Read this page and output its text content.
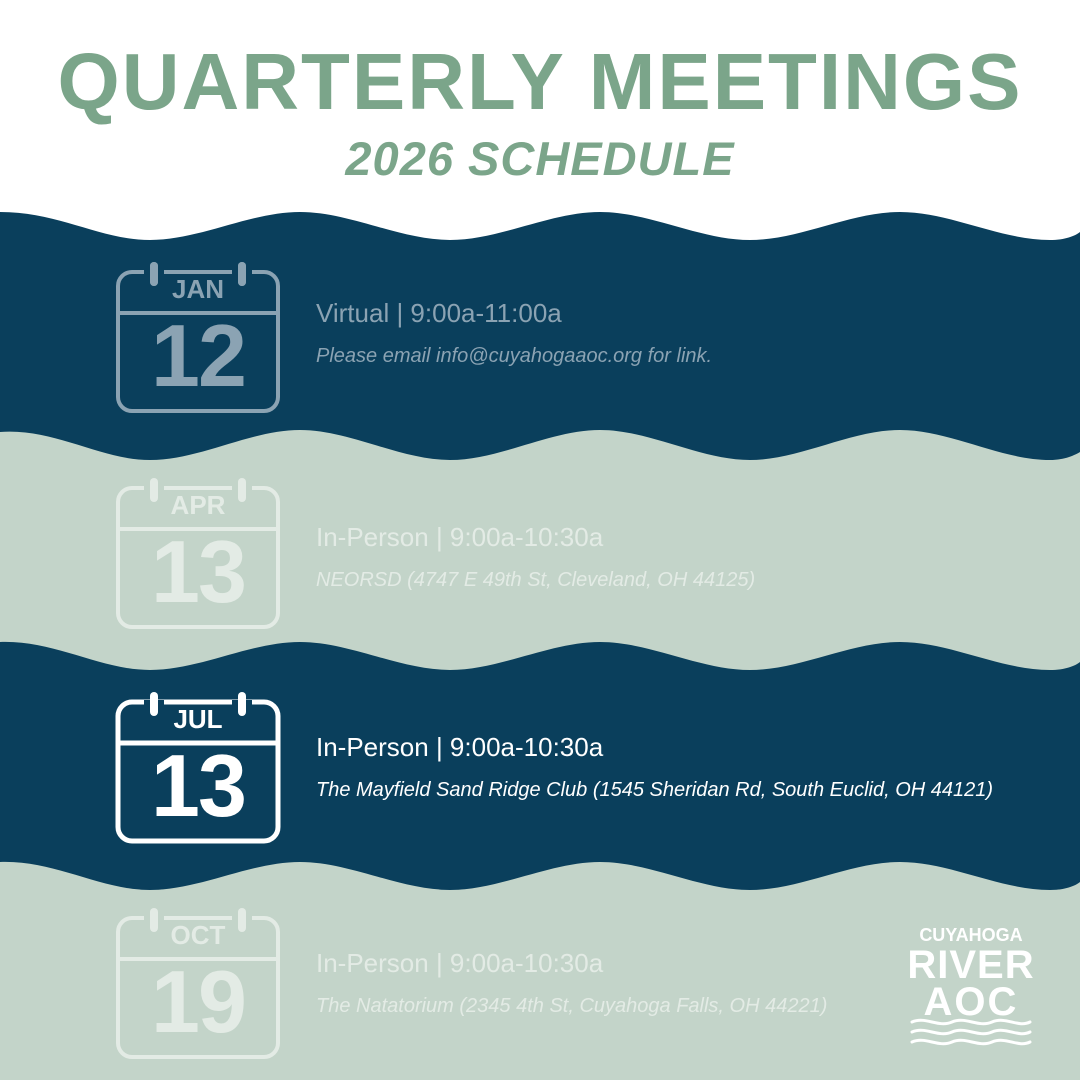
QUARTERLY MEETINGS
2026 SCHEDULE
JAN
12	Virtual | 9:00a-11:00a
Please email info@cuyahogaaoc.org for link.
APR
13	In-Person | 9:00a-10:30a
NEORSD (4747 E 49th St, Cleveland, OH 44125)
JUL
13	In-Person | 9:00a-10:30a
The Mayfield Sand Ridge Club (1545 Sheridan Rd, South Euclid, OH 44121)
OCT
19	In-Person | 9:00a-10:30a
The Natatorium (2345 4th St, Cuyahoga Falls, OH 44221)
CUYAHOGA
RIVER
AOC
